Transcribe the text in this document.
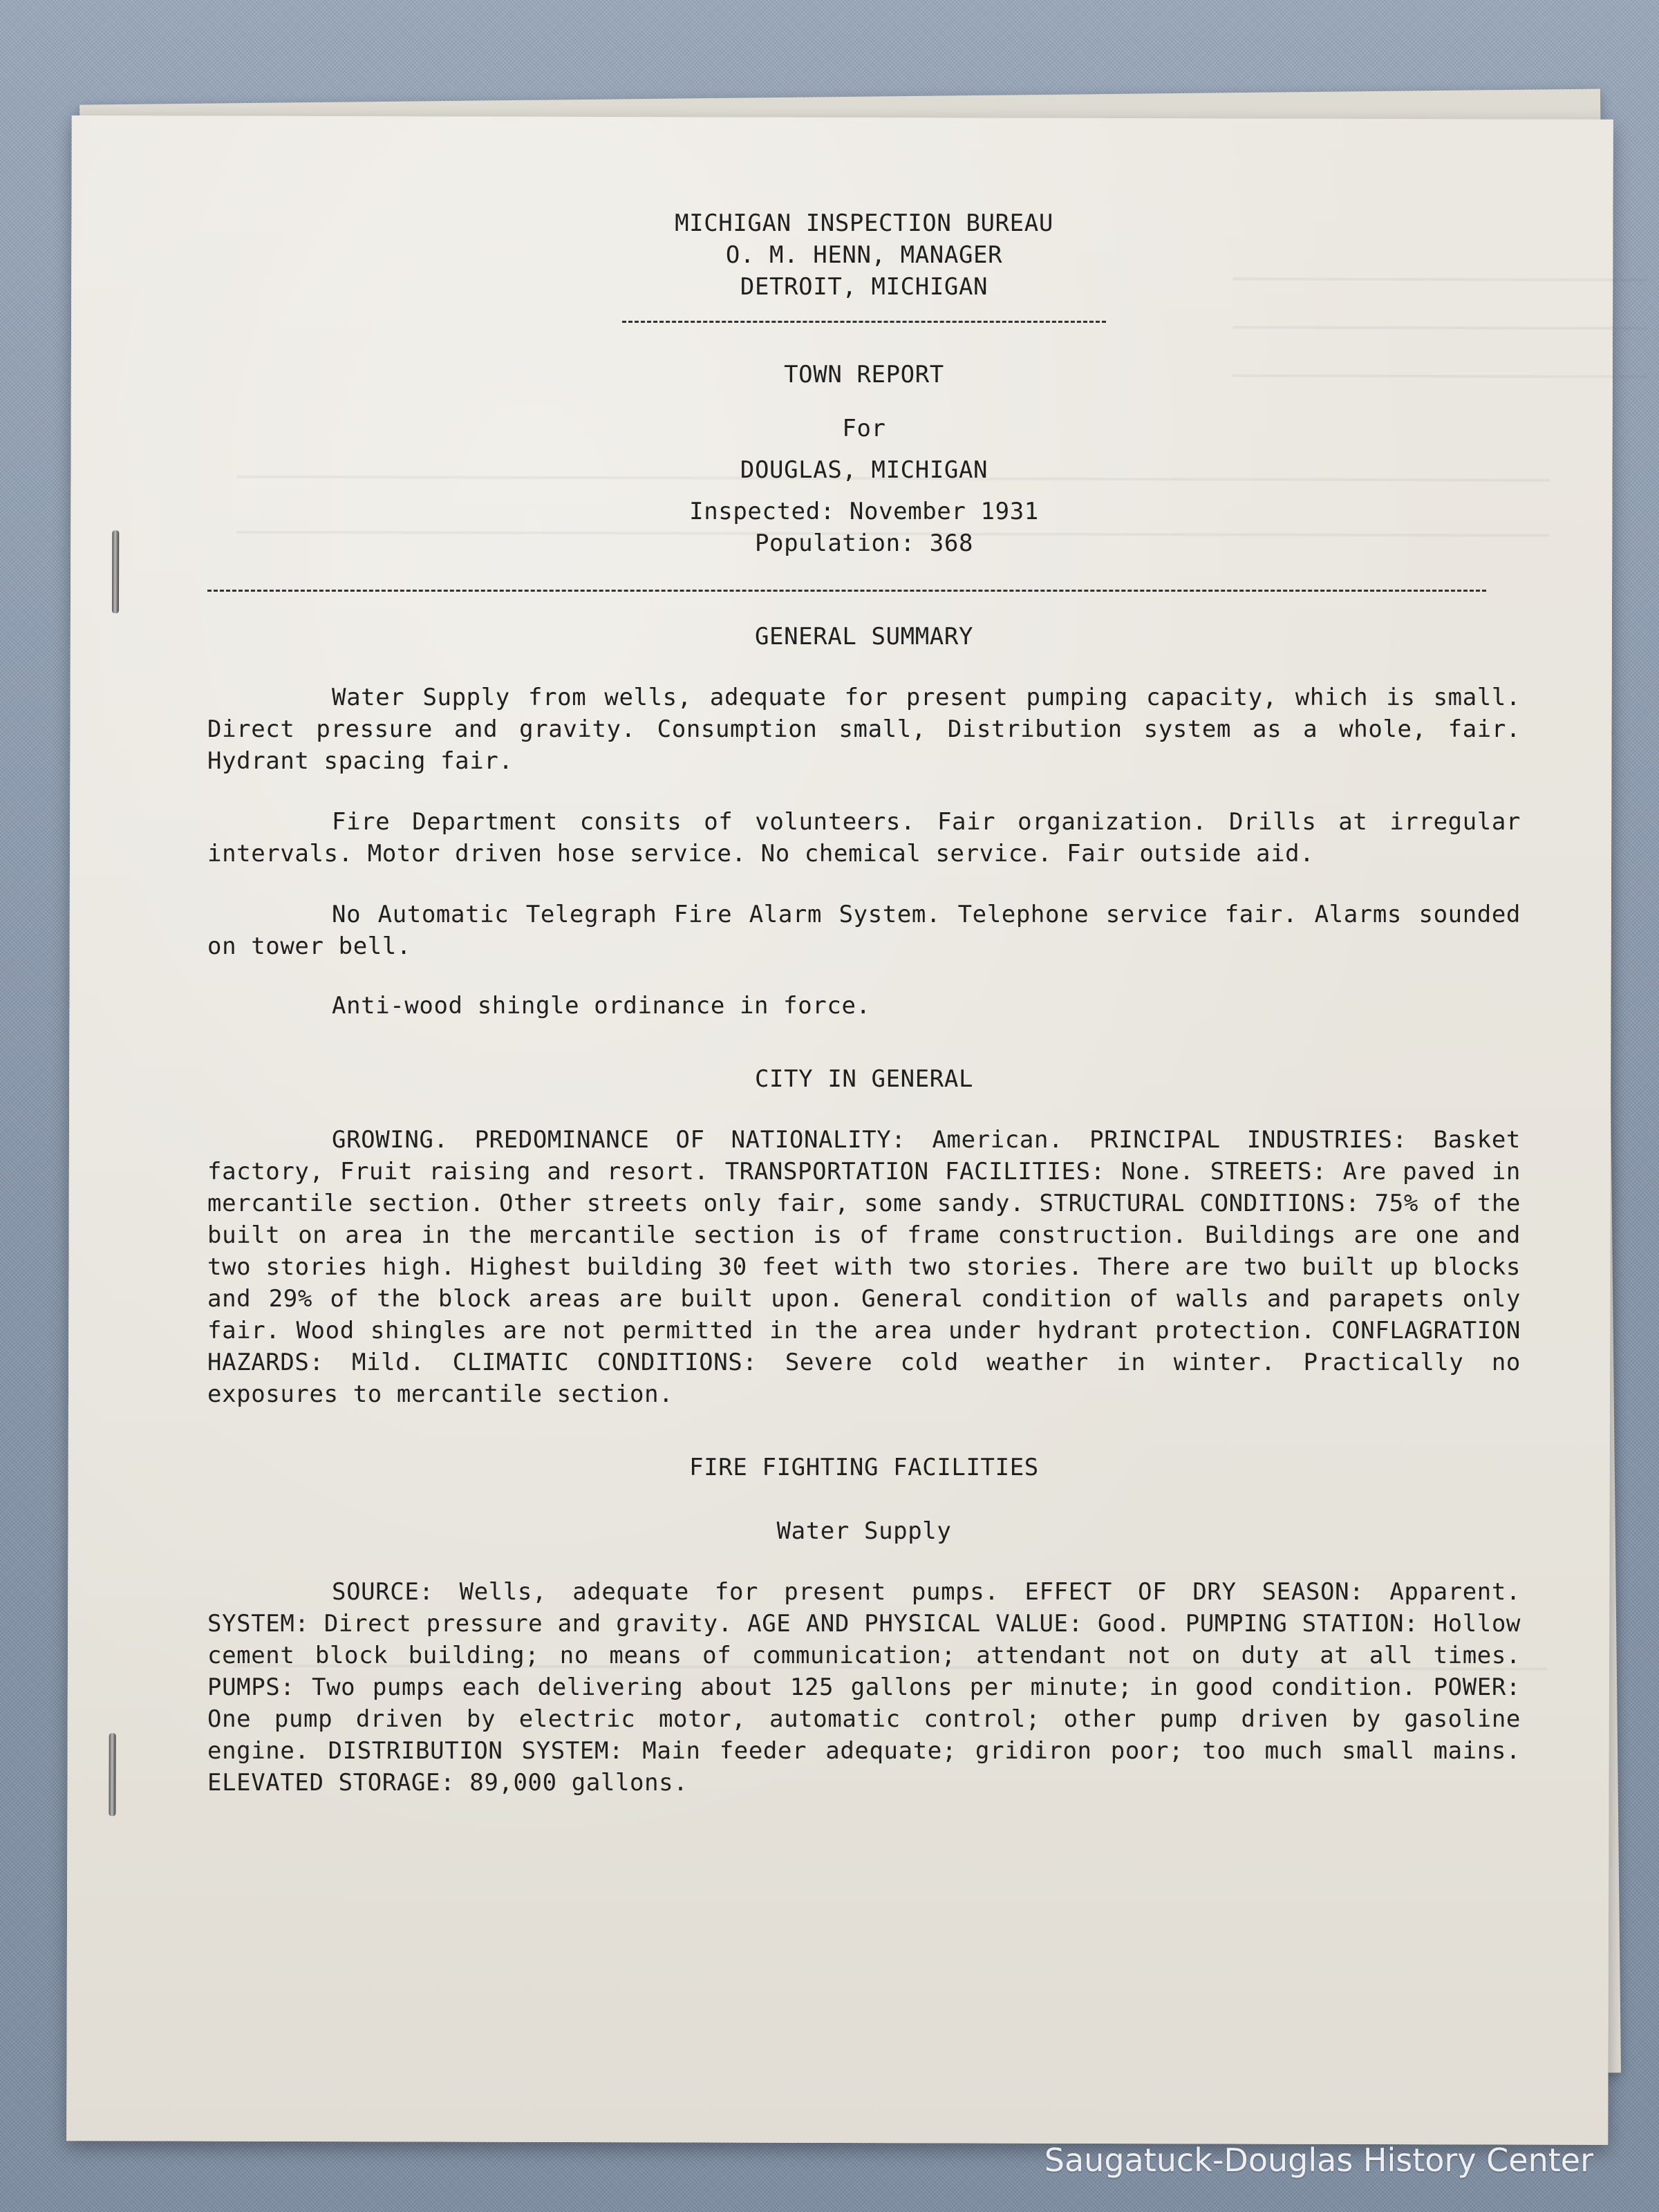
MICHIGAN INSPECTION BUREAU
O. M. HENN, MANAGER
DETROIT, MICHIGAN
TOWN REPORT
For
DOUGLAS, MICHIGAN
Inspected: November 1931
Population: 368
GENERAL SUMMARY

Water Supply from wells, adequate for present pumping capacity, which is small. Direct pressure and gravity. Consumption small, Distribution system as a whole, fair. Hydrant spacing fair.

Fire Department consits of volunteers. Fair organization. Drills at irregular intervals. Motor driven hose service. No chemical service. Fair outside aid.

No Automatic Telegraph Fire Alarm System. Telephone service fair. Alarms sounded on tower bell.

Anti-wood shingle ordinance in force.

CITY IN GENERAL

GROWING. PREDOMINANCE OF NATIONALITY: American. PRINCIPAL INDUSTRIES: Basket factory, Fruit raising and resort. TRANSPORTATION FACILITIES: None. STREETS: Are paved in mercantile section. Other streets only fair, some sandy. STRUCTURAL CONDITIONS: 75% of the built on area in the mercantile section is of frame construction. Buildings are one and two stories high. Highest building 30 feet with two stories. There are two built up blocks and 29% of the block areas are built upon. General condition of walls and parapets only fair. Wood shingles are not permitted in the area under hydrant protection. CONFLAGRATION HAZARDS: Mild. CLIMATIC CONDITIONS: Severe cold weather in winter. Practically no exposures to mercantile section.

FIRE FIGHTING FACILITIES
Water Supply

SOURCE: Wells, adequate for present pumps. EFFECT OF DRY SEASON: Apparent. SYSTEM: Direct pressure and gravity. AGE AND PHYSICAL VALUE: Good. PUMPING STATION: Hollow cement block building; no means of communication; attendant not on duty at all times. PUMPS: Two pumps each delivering about 125 gallons per minute; in good condition. POWER: One pump driven by electric motor, automatic control; other pump driven by gasoline engine. DISTRIBUTION SYSTEM: Main feeder adequate; gridiron poor; too much small mains. ELEVATED STORAGE: 89,000 gallons.

Saugatuck-Douglas History Center
